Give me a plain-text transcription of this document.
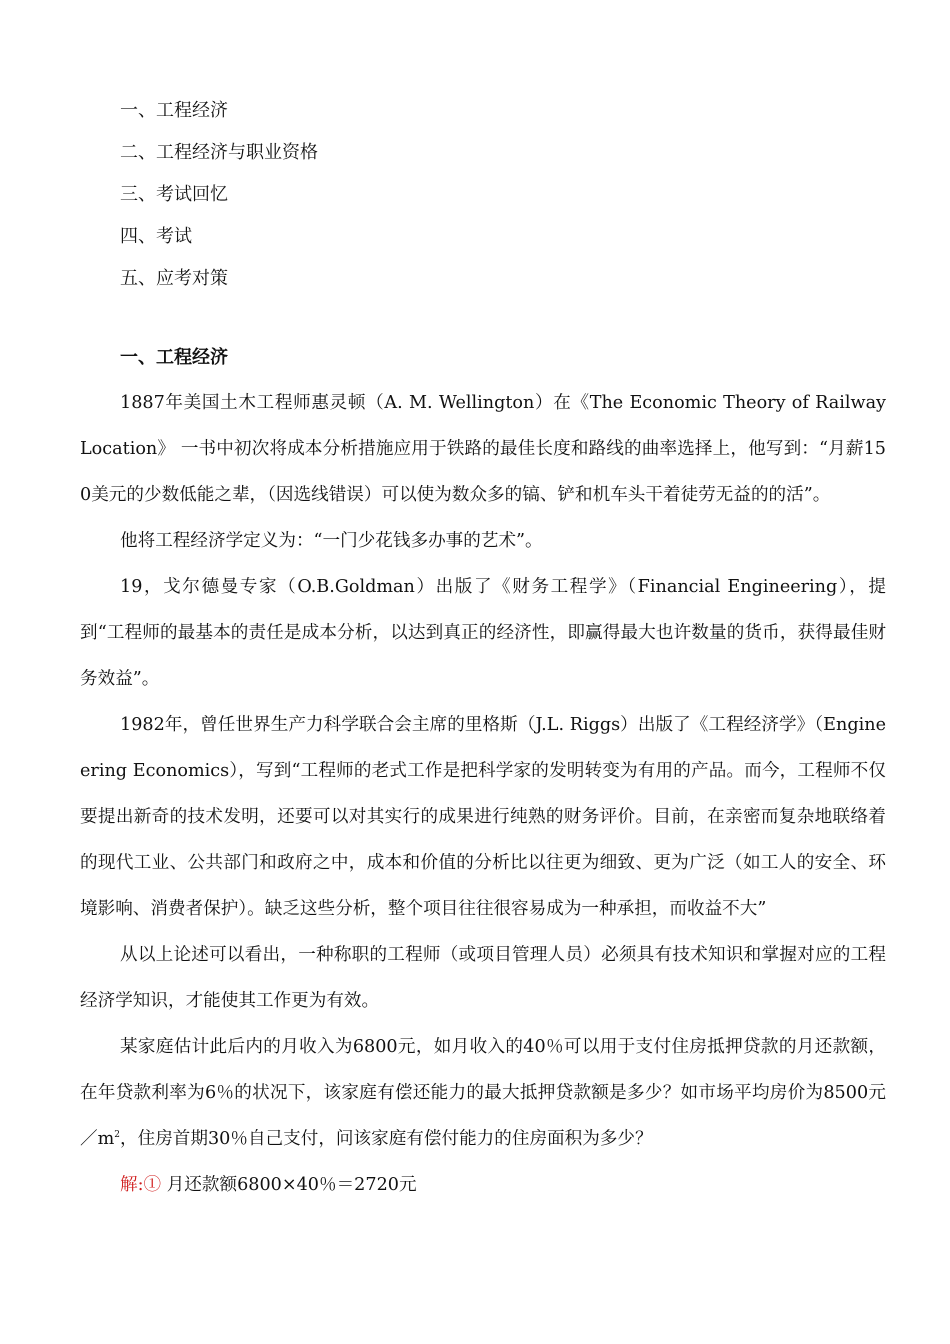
一、工程经济
二、工程经济与职业资格
三、考试回忆
四、考试
五、应考对策
一、工程经济

1887年美国土木工程师惠灵顿（A. M. Wellington）在《The Economic Theory of Railway Location》 一书中初次将成本分析措施应用于铁路的最佳长度和路线的曲率选择上，他写到：“月薪150美元的少数低能之辈，（因选线错误）可以使为数众多的镐、铲和机车头干着徒劳无益的的活”。

他将工程经济学定义为：“一门少花钱多办事的艺术”。

19，戈尔德曼专家（O.B.Goldman）出版了《财务工程学》（Financial Engineering），提到“工程师的最基本的责任是成本分析，以达到真正的经济性，即赢得最大也许数量的货币，获得最佳财务效益”。

1982年，曾任世界生产力科学联合会主席的里格斯（J.L. Riggs）出版了《工程经济学》（Engineering Economics），写到“工程师的老式工作是把科学家的发明转变为有用的产品。而今，工程师不仅要提出新奇的技术发明，还要可以对其实行的成果进行纯熟的财务评价。目前，在亲密而复杂地联络着的现代工业、公共部门和政府之中，成本和价值的分析比以往更为细致、更为广泛（如工人的安全、环境影响、消费者保护）。缺乏这些分析，整个项目往往很容易成为一种承担，而收益不大”

从以上论述可以看出，一种称职的工程师（或项目管理人员）必须具有技术知识和掌握对应的工程经济学知识，才能使其工作更为有效。

某家庭估计此后内的月收入为6800元，如月收入的40％可以用于支付住房抵押贷款的月还款额，在年贷款利率为6％的状况下，该家庭有偿还能力的最大抵押贷款额是多少？如市场平均房价为8500元$/m^2$，住房首期30％自己支付，问该家庭有偿付能力的住房面积为多少？

解:① 月还款额6800×40％＝2720元
